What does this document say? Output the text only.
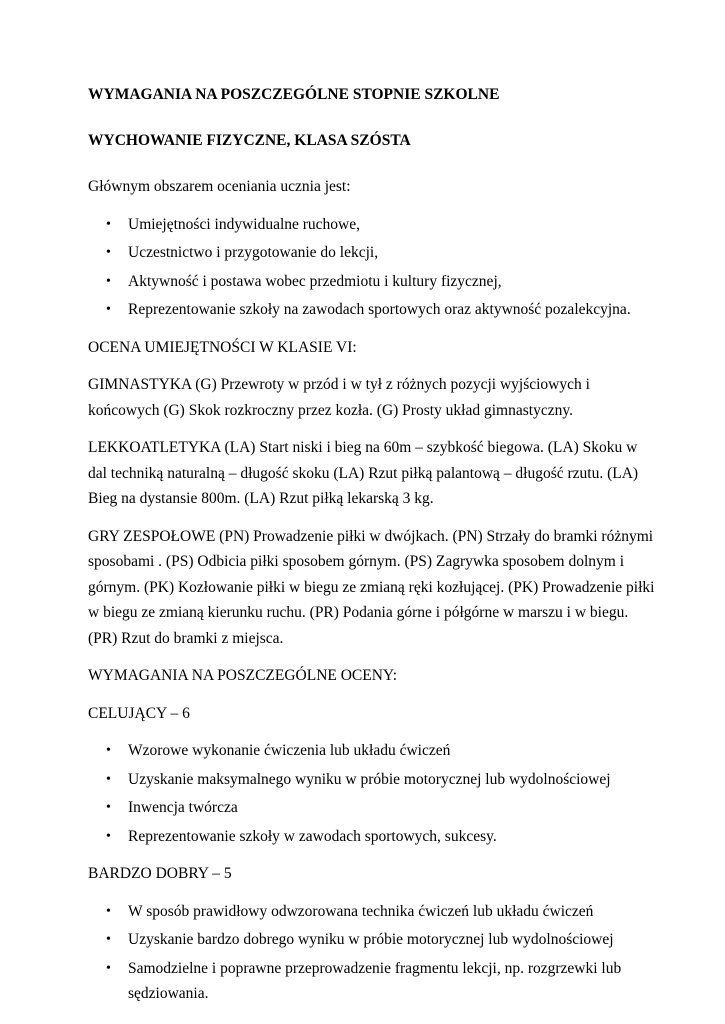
WYMAGANIA NA POSZCZEGÓLNE STOPNIE SZKOLNE
WYCHOWANIE FIZYCZNE, KLASA SZÓSTA

Głównym obszarem oceniania ucznia jest:

• Umiejętności indywidualne ruchowe,
• Uczestnictwo i przygotowanie do lekcji,
• Aktywność i postawa wobec przedmiotu i kultury fizycznej,
• Reprezentowanie szkoły na zawodach sportowych oraz aktywność pozalekcyjna.

OCENA UMIEJĘTNOŚCI W KLASIE VI:

GIMNASTYKA (G) Przewroty w przód i w tył z różnych pozycji wyjściowych i końcowych (G) Skok rozkroczny przez kozła. (G) Prosty układ gimnastyczny.

LEKKOATLETYKA (LA) Start niski i bieg na 60m – szybkość biegowa. (LA) Skoku w dal techniką naturalną – długość skoku (LA) Rzut piłką palantową – długość rzutu. (LA) Bieg na dystansie 800m. (LA) Rzut piłką lekarską 3 kg.

GRY ZESPOŁOWE (PN) Prowadzenie piłki w dwójkach. (PN) Strzały do bramki różnymi sposobami . (PS) Odbicia piłki sposobem górnym. (PS) Zagrywka sposobem dolnym i górnym. (PK) Kozłowanie piłki w biegu ze zmianą ręki kozłującej. (PK) Prowadzenie piłki w biegu ze zmianą kierunku ruchu. (PR) Podania górne i półgórne w marszu i w biegu. (PR) Rzut do bramki z miejsca.

WYMAGANIA NA POSZCZEGÓLNE OCENY:

CELUJĄCY – 6

• Wzorowe wykonanie ćwiczenia lub układu ćwiczeń
• Uzyskanie maksymalnego wyniku w próbie motorycznej lub wydolnościowej
• Inwencja twórcza
• Reprezentowanie szkoły w zawodach sportowych, sukcesy.

BARDZO DOBRY – 5

• W sposób prawidłowy odwzorowana technika ćwiczeń lub układu ćwiczeń
• Uzyskanie bardzo dobrego wyniku w próbie motorycznej lub wydolnościowej
• Samodzielne i poprawne przeprowadzenie fragmentu lekcji, np. rozgrzewki lub sędziowania.
